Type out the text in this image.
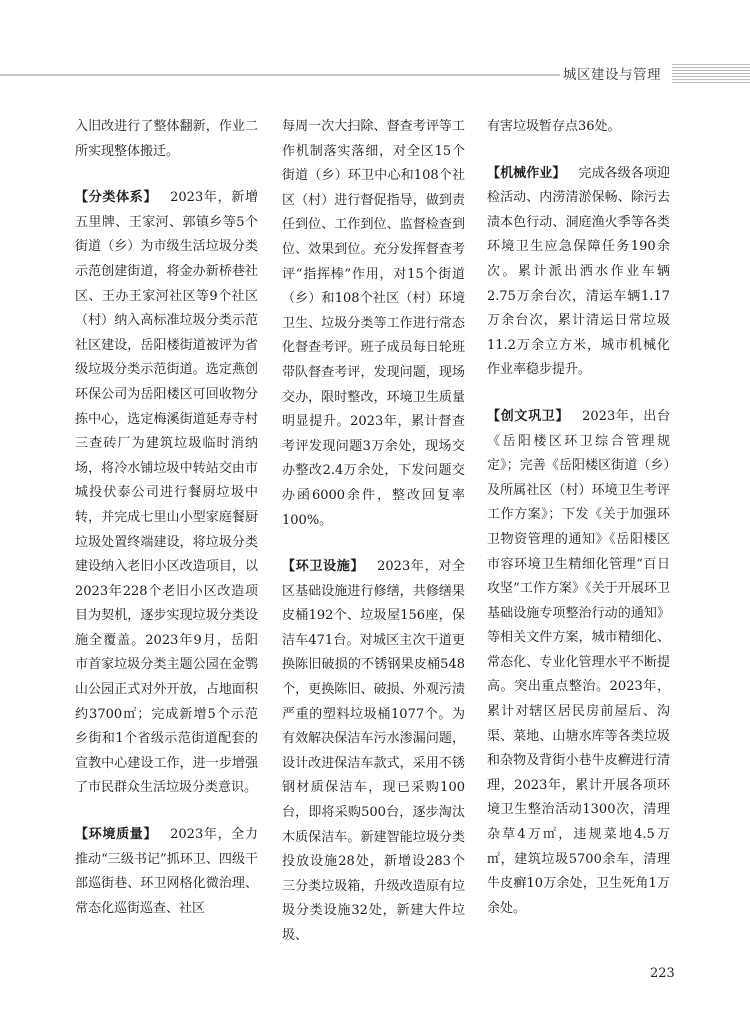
城区建设与管理

入旧改进行了整体翻新，作业二所实现整体搬迁。

【分类体系】  2023年，新增五里牌、王家河、郭镇乡等5个街道（乡）为市级生活垃圾分类示范创建街道，将金办新桥巷社区、王办王家河社区等9个社区（村）纳入高标准垃圾分类示范社区建设，岳阳楼街道被评为省级垃圾分类示范街道。选定燕创环保公司为岳阳楼区可回收物分拣中心，选定梅溪街道延寿寺村三查砖厂为建筑垃圾临时消纳场，将冷水铺垃圾中转站交由市城投伏泰公司进行餐厨垃圾中转，并完成七里山小型家庭餐厨垃圾处置终端建设，将垃圾分类建设纳入老旧小区改造项目，以2023年228个老旧小区改造项目为契机，逐步实现垃圾分类设施全覆盖。2023年9月，岳阳市首家垃圾分类主题公园在金鹗山公园正式对外开放，占地面积约3700㎡；完成新增5个示范乡街和1个省级示范街道配套的宣教中心建设工作，进一步增强了市民群众生活垃圾分类意识。

【环境质量】  2023年，全力推动“三级书记”抓环卫、四级干部巡街巷、环卫网格化微治理、常态化巡街巡查、社区

每周一次大扫除、督查考评等工作机制落实落细，对全区15个街道（乡）环卫中心和108个社区（村）进行督促指导，做到责任到位、工作到位、监督检查到位、效果到位。充分发挥督查考评“指挥棒”作用，对15个街道（乡）和108个社区（村）环境卫生、垃圾分类等工作进行常态化督查考评。班子成员每日轮班带队督查考评，发现问题，现场交办，限时整改，环境卫生质量明显提升。2023年，累计督查考评发现问题3万余处，现场交办整改2.4万余处，下发问题交办函6000余件，整改回复率100%。

【环卫设施】  2023年，对全区基础设施进行修缮，共修缮果皮桶192个、垃圾屋156座，保洁车471台。对城区主次干道更换陈旧破损的不锈钢果皮桶548个，更换陈旧、破损、外观污渍严重的塑料垃圾桶1077个。为有效解决保洁车污水渗漏问题，设计改进保洁车款式，采用不锈钢材质保洁车，现已采购100台，即将采购500台，逐步淘汰木质保洁车。新建智能垃圾分类投放设施28处，新增设283个三分类垃圾箱，升级改造原有垃圾分类设施32处，新建大件垃圾、

有害垃圾暂存点36处。

【机械作业】  完成各级各项迎检活动、内涝清淤保畅、除污去渍本色行动、洞庭渔火季等各类环境卫生应急保障任务190余次。累计派出洒水作业车辆2.75万余台次，清运车辆1.17万余台次，累计清运日常垃圾11.2万余立方米，城市机械化作业率稳步提升。

【创文巩卫】  2023年，出台《岳阳楼区环卫综合管理规定》；完善《岳阳楼区街道（乡）及所属社区（村）环境卫生考评工作方案》；下发《关于加强环卫物资管理的通知》《岳阳楼区市容环境卫生精细化管理“百日攻坚”工作方案》《关于开展环卫基础设施专项整治行动的通知》等相关文件方案，城市精细化、常态化、专业化管理水平不断提高。突出重点整治。2023年，累计对辖区居民房前屋后、沟渠、菜地、山塘水库等各类垃圾和杂物及背街小巷牛皮癣进行清理，2023年，累计开展各项环境卫生整治活动1300次，清理杂草4万㎡，违规菜地4.5万㎡，建筑垃圾5700余车，清理牛皮癣10万余处，卫生死角1万余处。

223
